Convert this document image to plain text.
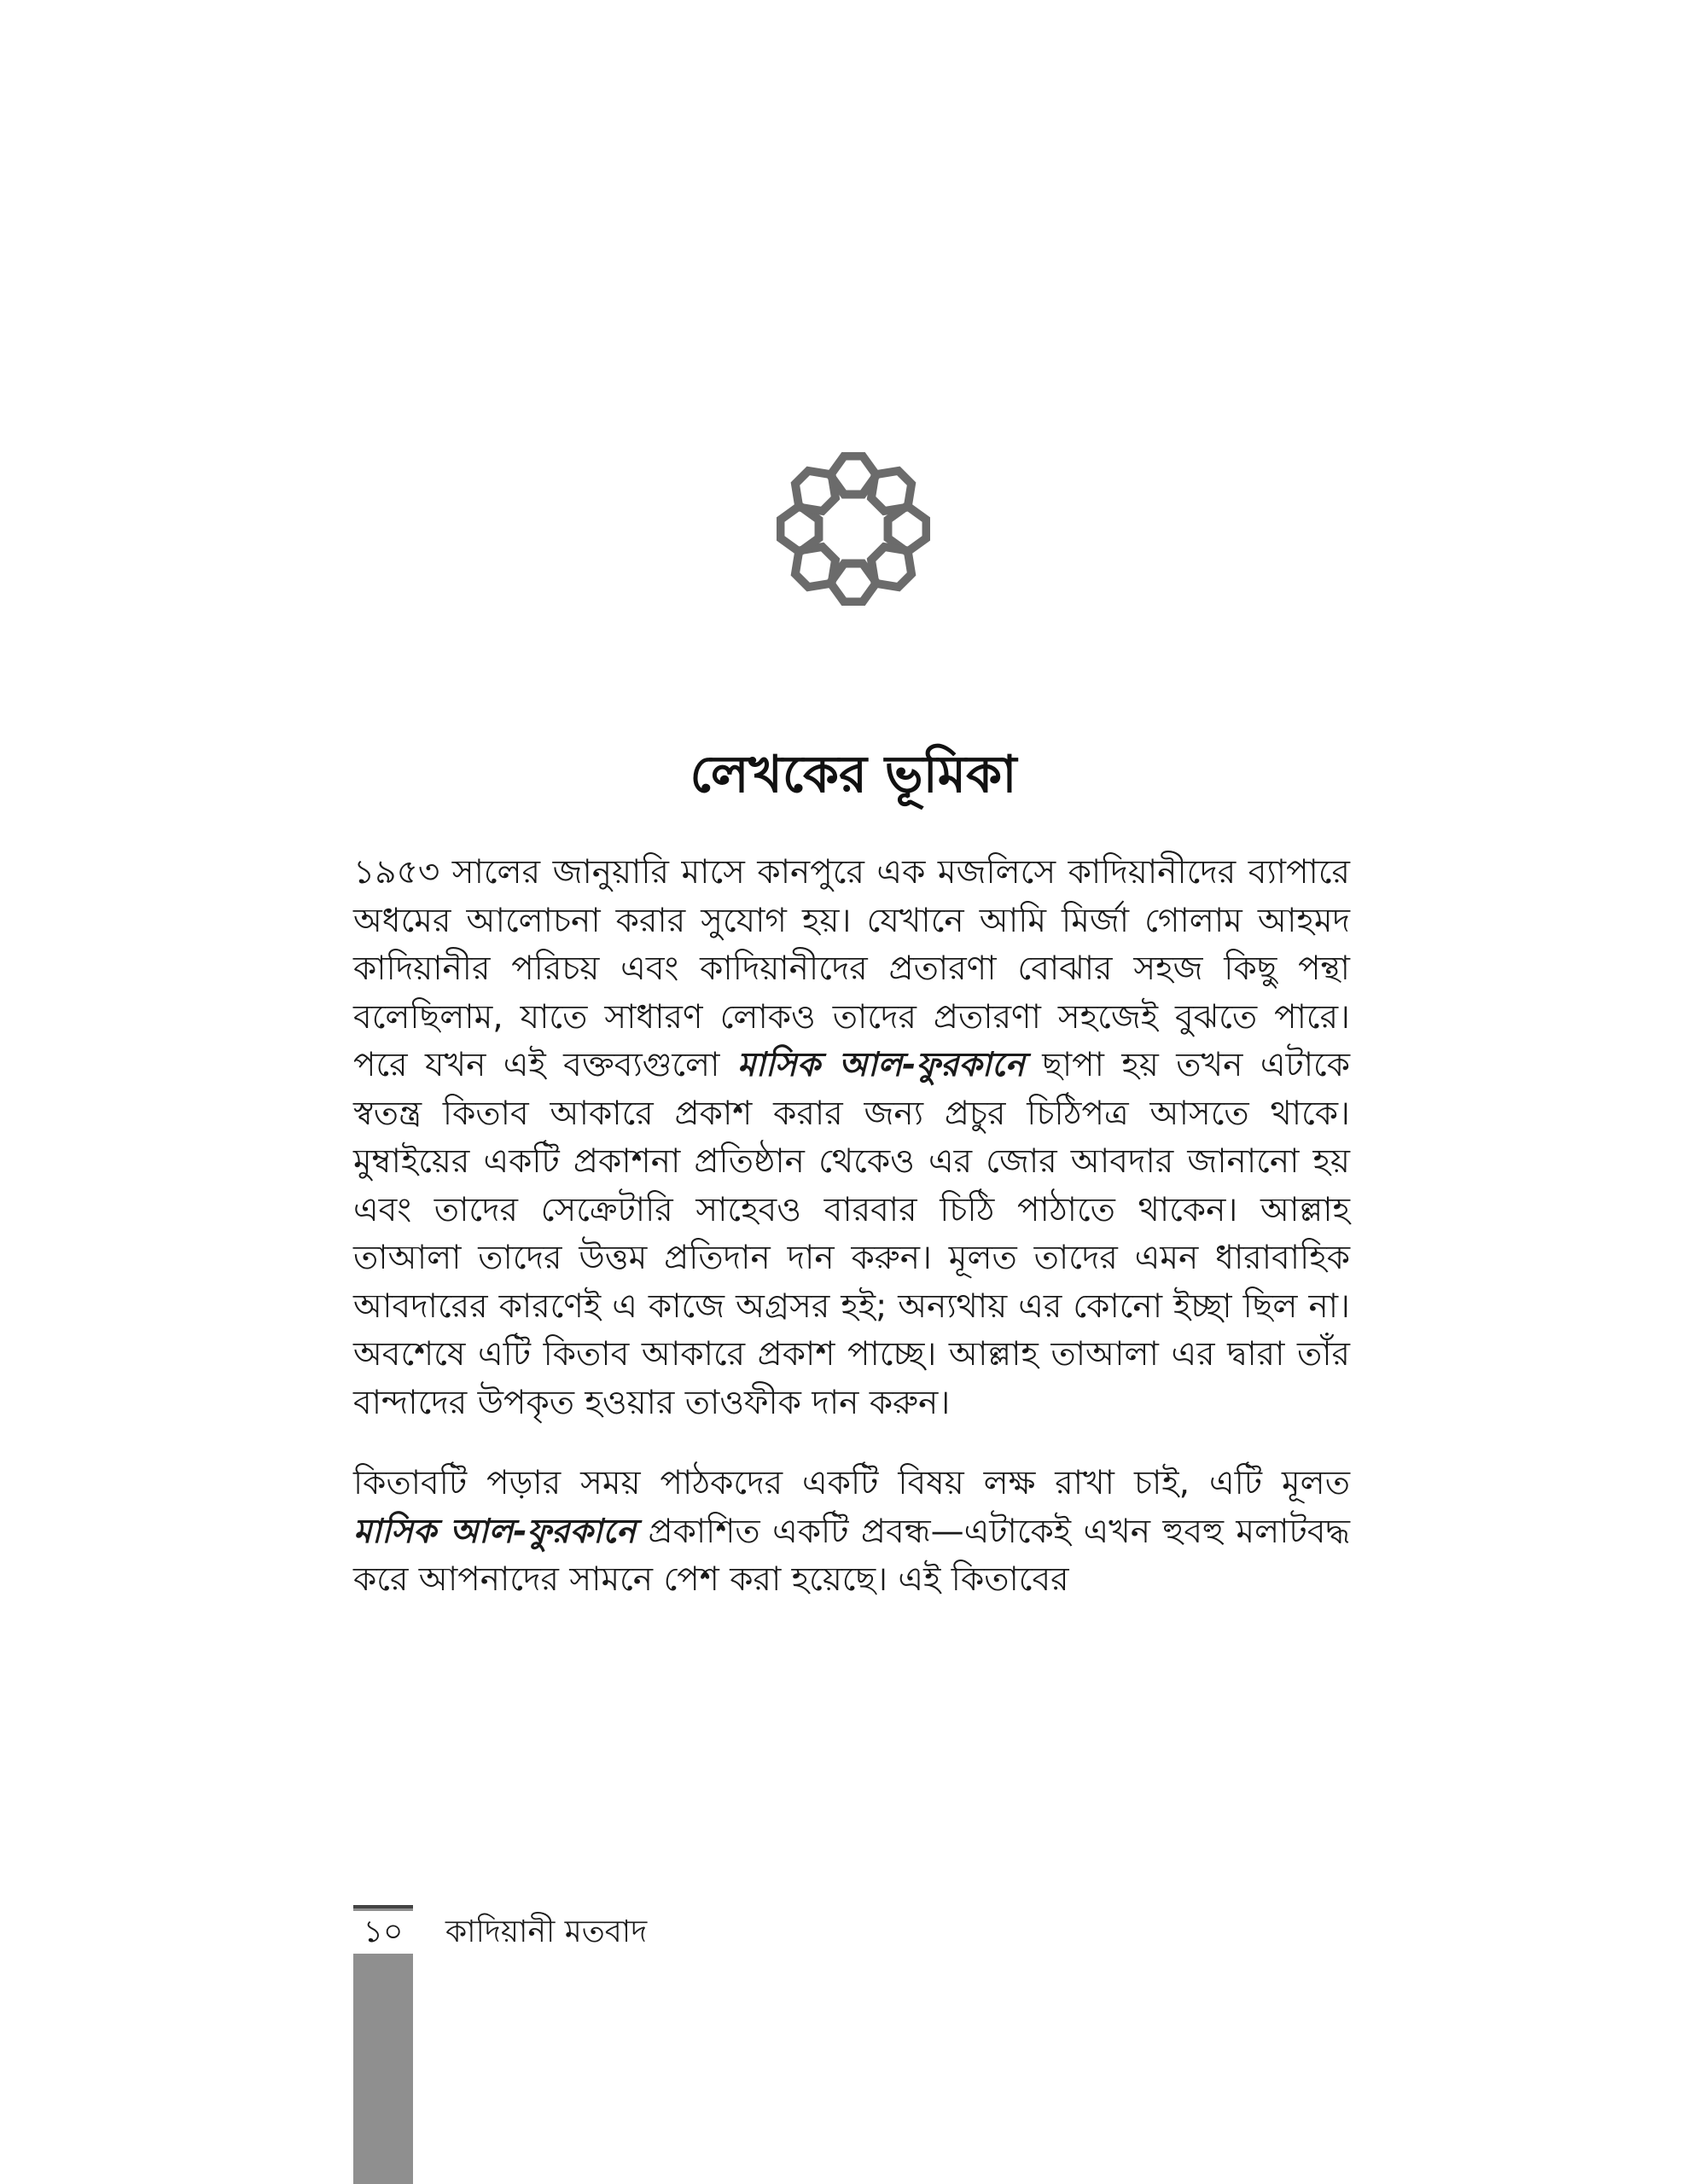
লেখকের ভূমিকা

১৯৫৩ সালের জানুয়ারি মাসে কানপুরে এক মজলিসে কাদিয়ানীদের ব্যাপারে অধমের আলোচনা করার সুযোগ হয়। যেখানে আমি মির্জা গোলাম আহমদ কাদিয়ানীর পরিচয় এবং কাদিয়ানীদের প্রতারণা বোঝার সহজ কিছু পন্থা বলেছিলাম, যাতে সাধারণ লোকও তাদের প্রতারণা সহজেই বুঝতে পারে। পরে যখন এই বক্তব্যগুলো মাসিক আল-ফুরকানে ছাপা হয় তখন এটাকে স্বতন্ত্র কিতাব আকারে প্রকাশ করার জন্য প্রচুর চিঠিপত্র আসতে থাকে। মুম্বাইয়ের একটি প্রকাশনা প্রতিষ্ঠান থেকেও এর জোর আবদার জানানো হয় এবং তাদের সেক্রেটারি সাহেবও বারবার চিঠি পাঠাতে থাকেন। আল্লাহ তাআলা তাদের উত্তম প্রতিদান দান করুন। মূলত তাদের এমন ধারাবাহিক আবদারের কারণেই এ কাজে অগ্রসর হই; অন্যথায় এর কোনো ইচ্ছা ছিল না। অবশেষে এটি কিতাব আকারে প্রকাশ পাচ্ছে। আল্লাহ তাআলা এর দ্বারা তাঁর বান্দাদের উপকৃত হওয়ার তাওফীক দান করুন।

কিতাবটি পড়ার সময় পাঠকদের একটি বিষয় লক্ষ রাখা চাই, এটি মূলত মাসিক আল-ফুরকানে প্রকাশিত একটি প্রবন্ধ—এটাকেই এখন হুবহু মলাটবদ্ধ করে আপনাদের সামনে পেশ করা হয়েছে। এই কিতাবের

১০	কাদিয়ানী মতবাদ
